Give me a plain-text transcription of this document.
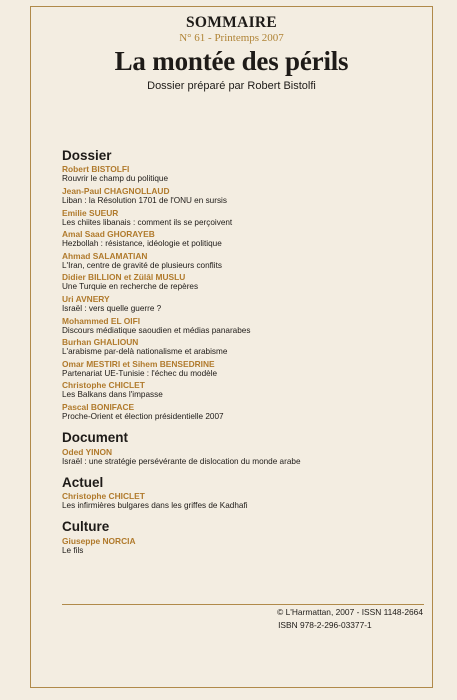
SOMMAIRE
N° 61 - Printemps 2007
La montée des périls
Dossier préparé par Robert Bistolfi
Dossier
Robert BISTOLFI
Rouvrir le champ du politique
Jean-Paul CHAGNOLLAUD
Liban : la Résolution 1701 de l'ONU en sursis
Emilie SUEUR
Les chiites libanais : comment ils se perçoivent
Amal Saad GHORAYEB
Hezbollah : résistance, idéologie et politique
Ahmad SALAMATIAN
L'Iran, centre de gravité de plusieurs conflits
Didier BILLION et Zülâl MUSLU
Une Turquie en recherche de repères
Uri AVNERY
Israël : vers quelle guerre ?
Mohammed EL OIFI
Discours médiatique saoudien et médias panarabes
Burhan GHALIOUN
L'arabisme par-delà nationalisme et arabisme
Omar MESTIRI et Sihem BENSEDRINE
Partenariat UE-Tunisie : l'échec du modèle
Christophe CHICLET
Les Balkans dans l'impasse
Pascal BONIFACE
Proche-Orient et élection présidentielle 2007
Document
Oded YINON
Israël : une stratégie persévérante de dislocation du monde arabe
Actuel
Christophe CHICLET
Les infirmières bulgares dans les griffes de Kadhafi
Culture
Giuseppe NORCIA
Le fils
© L'Harmattan, 2007 - ISSN 1148-2664
ISBN 978-2-296-03377-1
